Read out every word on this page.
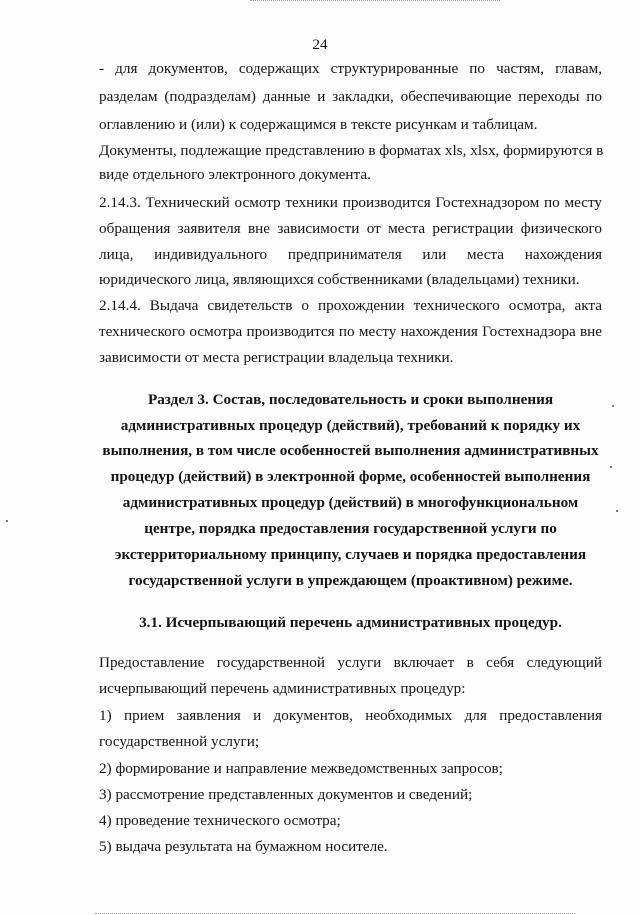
24
- для документов, содержащих структурированные по частям, главам,
разделам (подразделам) данные и закладки, обеспечивающие переходы по
оглавлению и (или) к содержащимся в тексте рисункам и таблицам.
Документы, подлежащие представлению в форматах xls, xlsx, формируются в
виде отдельного электронного документа.
2.14.3. Технический осмотр техники производится Гостехнадзором по месту
обращения заявителя вне зависимости от места регистрации физического
лица, индивидуального предпринимателя или места нахождения
юридического лица, являющихся собственниками (владельцами) техники.
2.14.4. Выдача свидетельств о прохождении технического осмотра, акта
технического осмотра производится по месту нахождения Гостехнадзора вне
зависимости от места регистрации владельца техники.
Раздел 3. Состав, последовательность и сроки выполнения
административных процедур (действий), требований к порядку их
выполнения, в том числе особенностей выполнения административных
процедур (действий) в электронной форме, особенностей выполнения
административных процедур (действий) в многофункциональном
центре, порядка предоставления государственной услуги по
экстерриториальному принципу, случаев и порядка предоставления
государственной услуги в упреждающем (проактивном) режиме.
3.1. Исчерпывающий перечень административных процедур.
Предоставление государственной услуги включает в себя следующий
исчерпывающий перечень административных процедур:
1) прием заявления и документов, необходимых для предоставления
государственной услуги;
2) формирование и направление межведомственных запросов;
3) рассмотрение представленных документов и сведений;
4) проведение технического осмотра;
5) выдача результата на бумажном носителе.
